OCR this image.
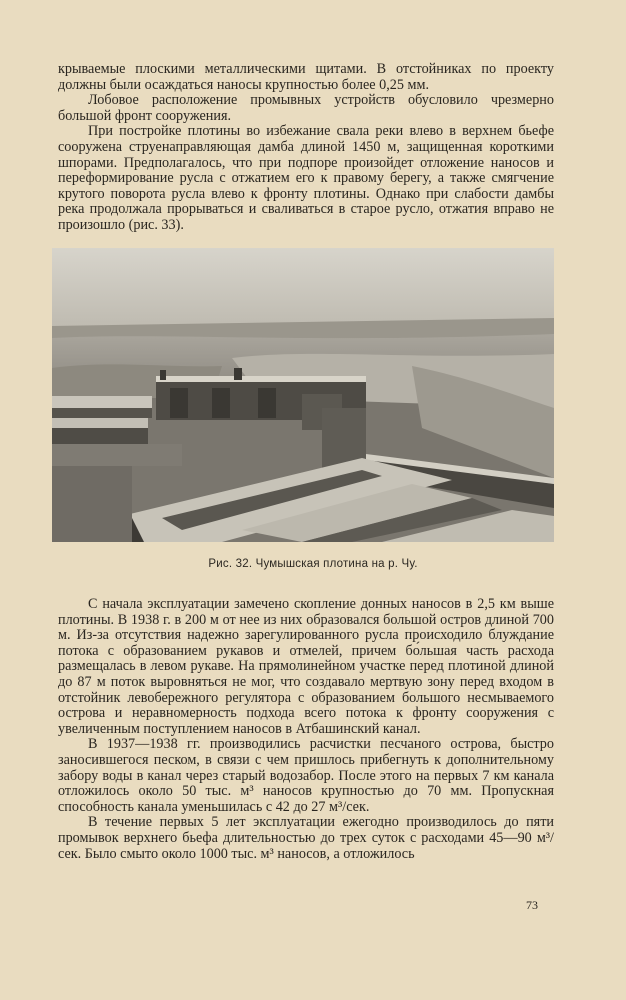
крываемые плоскими металлическими щитами. В отстойниках по проекту должны были осаждаться наносы крупностью более 0,25 мм.

Лобовое расположение промывных устройств обусловило чрезмерно большой фронт сооружения.

При постройке плотины во избежание свала реки влево в верхнем бьефе сооружена струенаправляющая дамба длиной 1450 м, защищенная короткими шпорами. Предполагалось, что при подпоре произойдет отложение наносов и переформирование русла с отжатием его к правому берегу, а также смягчение крутого поворота русла влево к фронту плотины. Однако при слабости дамбы река продолжала прорываться и сваливаться в старое русло, отжатия вправо не произошло (рис. 33).

Рис. 32. Чумышская плотина на р. Чу.

С начала эксплуатации замечено скопление донных наносов в 2,5 км выше плотины. В 1938 г. в 200 м от нее из них образовался большой остров длиной 700 м. Из-за отсутствия надежно зарегулированного русла происходило блуждание потока с образованием рукавов и отмелей, причем бо́льшая часть расхода размещалась в левом рукаве. На прямолинейном участке перед плотиной длиной до 87 м поток выровняться не мог, что создавало мертвую зону перед входом в отстойник левобережного регулятора с образованием большого несмываемого острова и неравномерность подхода всего потока к фронту сооружения с увеличенным поступлением наносов в Атбашинский канал.

В 1937—1938 гг. производились расчистки песчаного острова, быстро заносившегося песком, в связи с чем пришлось прибегнуть к дополнительному забору воды в канал через старый водозабор. После этого на первых 7 км канала отложилось около 50 тыс. м³ наносов крупностью до 70 мм. Пропускная способность канала уменьшилась с 42 до 27 м³/сек.

В течение первых 5 лет эксплуатации ежегодно производилось до пяти промывок верхнего бьефа длительностью до трех суток с расходами 45—90 м³/сек. Было смыто около 1000 тыс. м³ наносов, а отложилось

73
